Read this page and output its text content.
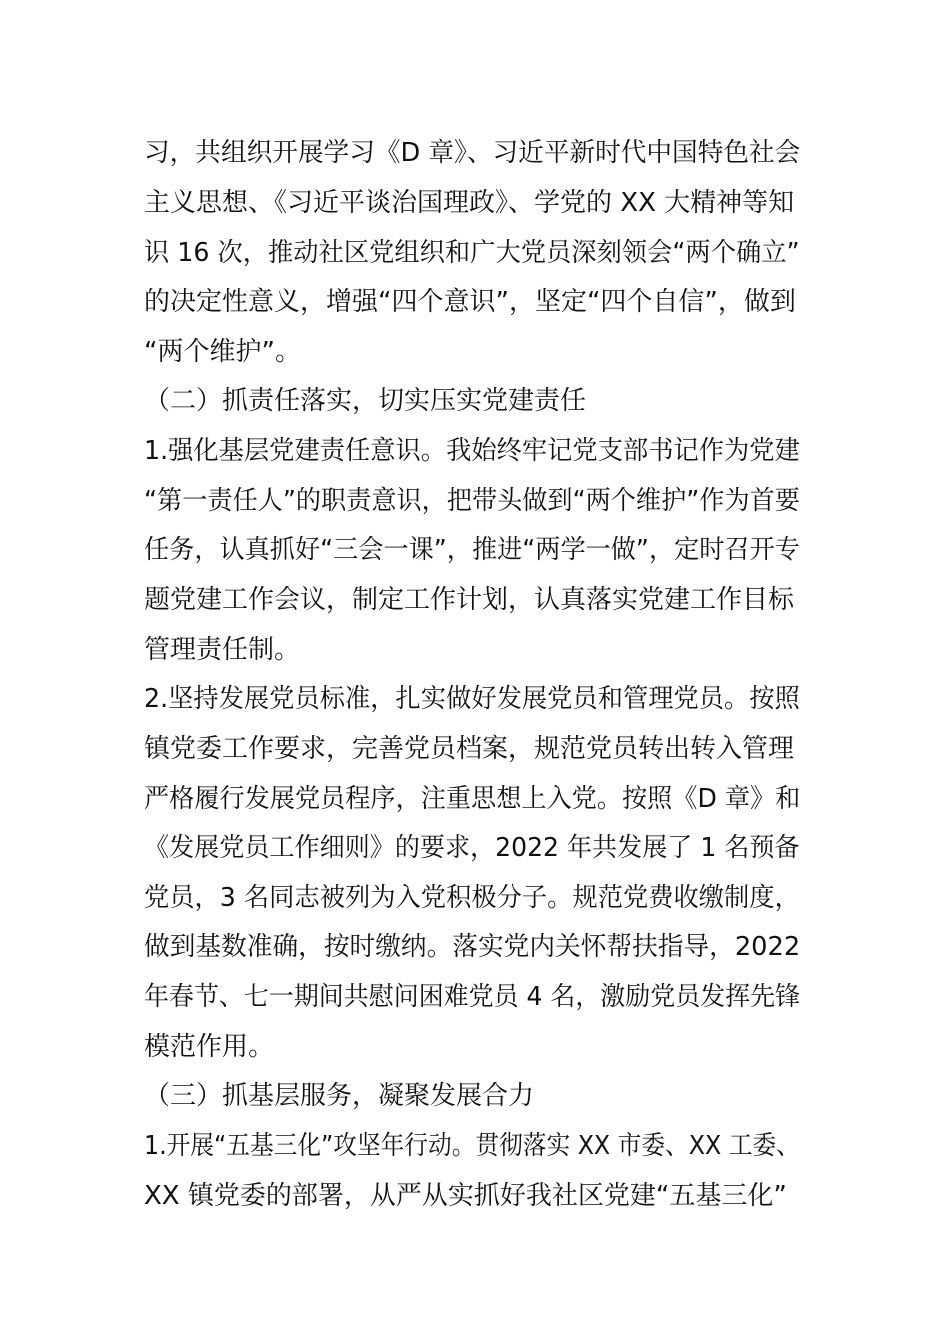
习，共组织开展学习《D 章》、习近平新时代中国特色社会

主义思想、《习近平谈治国理政》、学党的 XX 大精神等知

识 16 次，推动社区党组织和广大党员深刻领会“两个确立”

的决定性意义，增强“四个意识”，坚定“四个自信”，做到

“两个维护”。

（二）抓责任落实，切实压实党建责任

1.强化基层党建责任意识。我始终牢记党支部书记作为党建

“第一责任人”的职责意识，把带头做到“两个维护”作为首要

任务，认真抓好“三会一课”，推进“两学一做”，定时召开专

题党建工作会议，制定工作计划，认真落实党建工作目标

管理责任制。

2.坚持发展党员标准，扎实做好发展党员和管理党员。按照

镇党委工作要求，完善党员档案，规范党员转出转入管理

严格履行发展党员程序，注重思想上入党。按照《D 章》和

《发展党员工作细则》的要求，2022 年共发展了 1 名预备

党员，3 名同志被列为入党积极分子。规范党费收缴制度，

做到基数准确，按时缴纳。落实党内关怀帮扶指导，2022

年春节、七一期间共慰问困难党员 4 名，激励党员发挥先锋

模范作用。

（三）抓基层服务，凝聚发展合力

1.开展“五基三化”攻坚年行动。贯彻落实 XX 市委、XX 工委、

XX 镇党委的部署，从严从实抓好我社区党建“五基三化”
